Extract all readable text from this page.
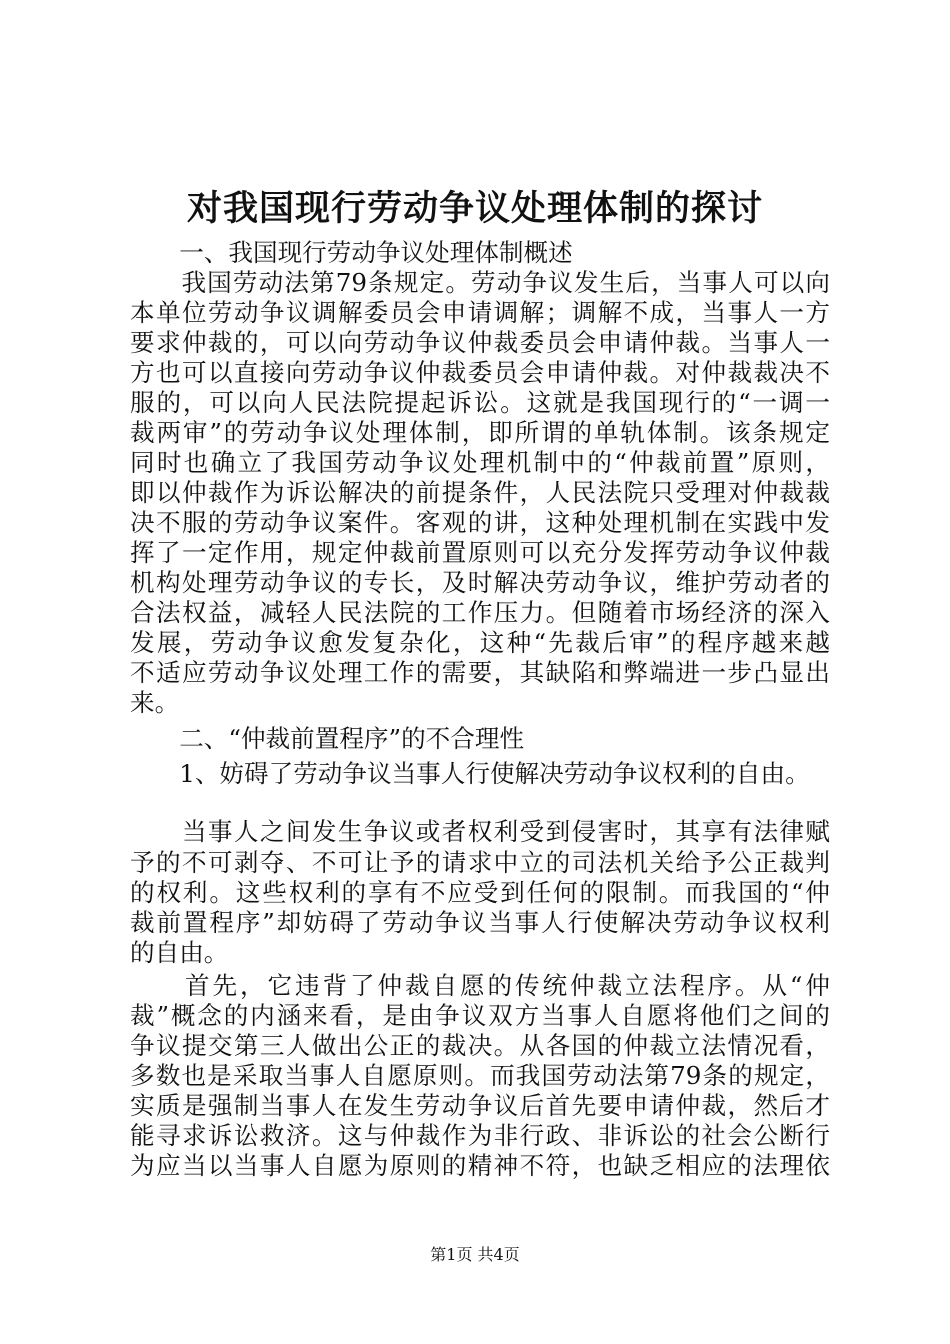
对我国现行劳动争议处理体制的探讨
　　一、我国现行劳动争议处理体制概述
　　我国劳动法第79条规定。劳动争议发生后，当事人可以向
本单位劳动争议调解委员会申请调解；调解不成，当事人一方
要求仲裁的，可以向劳动争议仲裁委员会申请仲裁。当事人一
方也可以直接向劳动争议仲裁委员会申请仲裁。对仲裁裁决不
服的，可以向人民法院提起诉讼。这就是我国现行的“一调一
裁两审”的劳动争议处理体制，即所谓的单轨体制。该条规定
同时也确立了我国劳动争议处理机制中的“仲裁前置”原则，
即以仲裁作为诉讼解决的前提条件，人民法院只受理对仲裁裁
决不服的劳动争议案件。客观的讲，这种处理机制在实践中发
挥了一定作用，规定仲裁前置原则可以充分发挥劳动争议仲裁
机构处理劳动争议的专长，及时解决劳动争议，维护劳动者的
合法权益，减轻人民法院的工作压力。但随着市场经济的深入
发展，劳动争议愈发复杂化，这种“先裁后审”的程序越来越
不适应劳动争议处理工作的需要，其缺陷和弊端进一步凸显出
来。
　　二、“仲裁前置程序”的不合理性
　　1、妨碍了劳动争议当事人行使解决劳动争议权利的自由。
　　当事人之间发生争议或者权利受到侵害时，其享有法律赋
予的不可剥夺、不可让予的请求中立的司法机关给予公正裁判
的权利。这些权利的享有不应受到任何的限制。而我国的“仲
裁前置程序”却妨碍了劳动争议当事人行使解决劳动争议权利
的自由。
　　首先，它违背了仲裁自愿的传统仲裁立法程序。从“仲
裁”概念的内涵来看，是由争议双方当事人自愿将他们之间的
争议提交第三人做出公正的裁决。从各国的仲裁立法情况看，
多数也是采取当事人自愿原则。而我国劳动法第79条的规定，
实质是强制当事人在发生劳动争议后首先要申请仲裁，然后才
能寻求诉讼救济。这与仲裁作为非行政、非诉讼的社会公断行
为应当以当事人自愿为原则的精神不符，也缺乏相应的法理依
第1页 共4页
